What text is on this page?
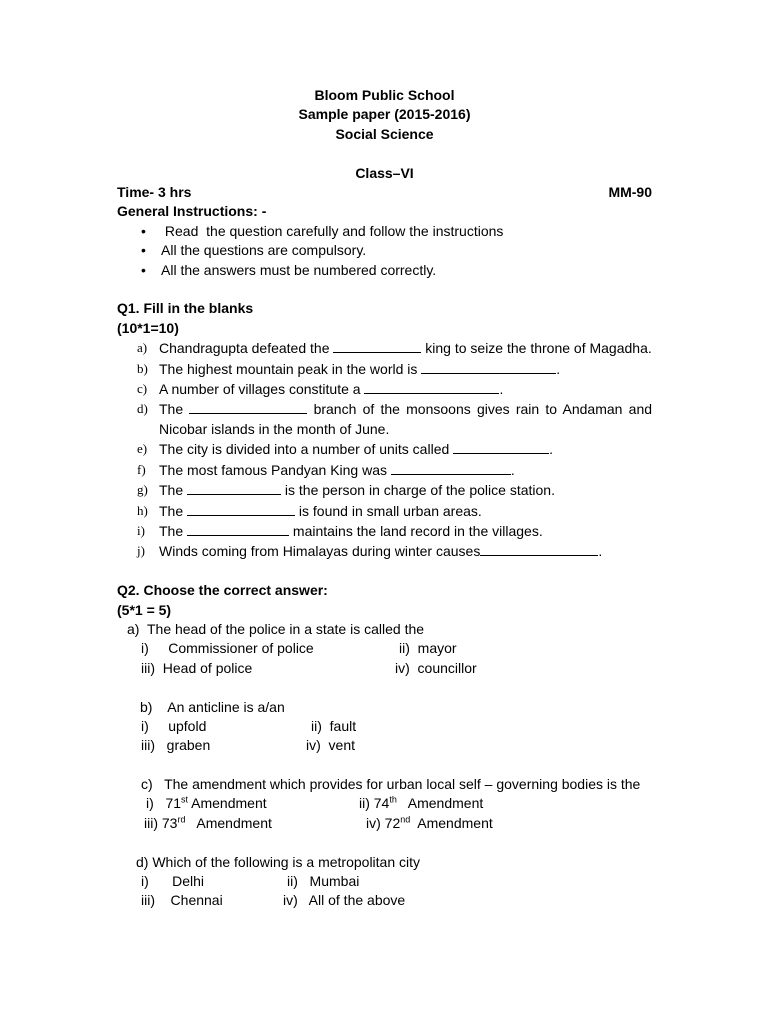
Bloom Public School
Sample paper (2015-2016)
Social Science
Class–VI
Time- 3 hrs	MM-90
General Instructions: -
•  Read  the question carefully and follow the instructions
• All the questions are compulsory.
• All the answers must be numbered correctly.
Q1. Fill in the blanks
(10*1=10)
a) Chandragupta defeated the	king to seize the throne of Magadha.
b) The highest mountain peak in the world is	.
c) A number of villages constitute a	.
d) The	branch of the monsoons gives rain to Andaman and Nicobar islands in the month of June.
e) The city is divided into a number of units called	.
f) The most famous Pandyan King was	.
g) The	is the person in charge of the police station.
h) The	is found in small urban areas.
i)	The	maintains the land record in the villages.
j)	Winds coming from Himalayas during winter causes	.
Q2. Choose the correct answer:
(5*1 = 5)
a)  The head of the police in a state is called the
i)     Commissioner of police	ii)  mayor
iii)  Head of police	iv)  councillor
b)    An anticline is a/an
i)     upfold	ii)  fault
iii)   graben	iv)  vent
c)   The amendment which provides for urban local self – governing bodies is the
i)   71st Amendment	ii) 74th   Amendment
iii) 73rd   Amendment	iv) 72nd  Amendment
d) Which of the following is a metropolitan city
i)      Delhi	ii)   Mumbai
iii)    Chennai	iv)   All of the above
